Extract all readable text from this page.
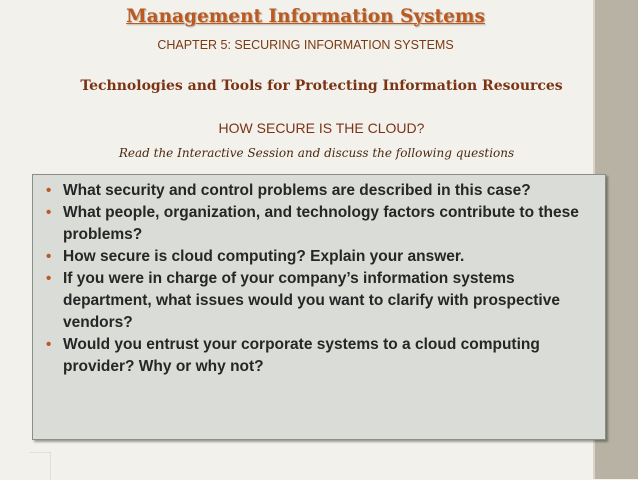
Management Information Systems
CHAPTER 5: SECURING INFORMATION SYSTEMS
Technologies and Tools for Protecting Information Resources
HOW SECURE IS THE CLOUD?
Read the Interactive Session and discuss the following questions
• What security and control problems are described in this case?
• What people, organization, and technology factors contribute to these problems?
• How secure is cloud computing? Explain your answer.
• If you were in charge of your company’s information systems department, what issues would you want to clarify with prospective vendors?
• Would you entrust your corporate systems to a cloud computing provider? Why or why not?
